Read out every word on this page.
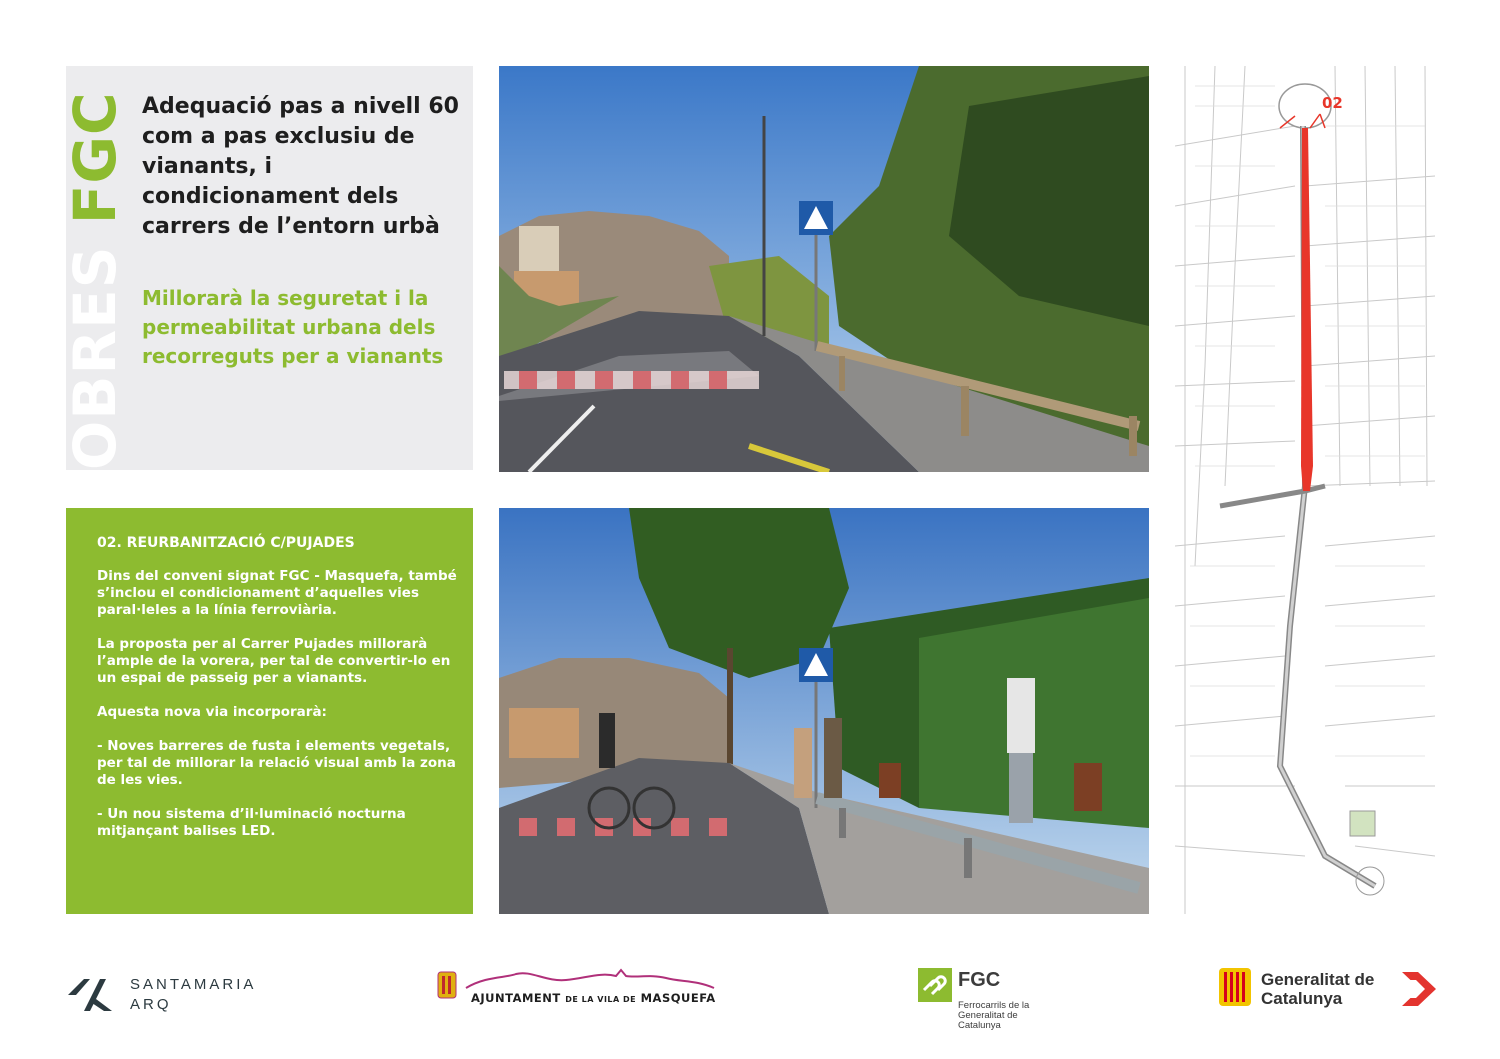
OBRES FGC Adequació pas a nivell 60 com a pas exclusiu de vianants, i condicionament dels carrers de l’entorn urbà
Millorarà la seguretat i la permeabilitat urbana dels recorreguts per a vianants
02. REURBANITZACIÓ C/PUJADES

Dins del conveni signat FGC - Masquefa, també s’inclou el condicionament d’aquelles vies paral·leles a la línia ferroviària.

La proposta per al Carrer Pujades millorarà l’ample de la vorera, per tal de convertir-lo en un espai de passeig per a vianants.

Aquesta nova via incorporarà:

- Noves barreres de fusta i elements vegetals, per tal de millorar la relació visual amb la zona de les vies.

- Un nou sistema d’il·luminació nocturna mitjançant balises LED.

02
SANTAMARIA
ARQ	AJUNTAMENT DE LA VILA DE MASQUEFA
FGC
Ferrocarrils de la Generalitat de Catalunya
Generalitat de Catalunya
